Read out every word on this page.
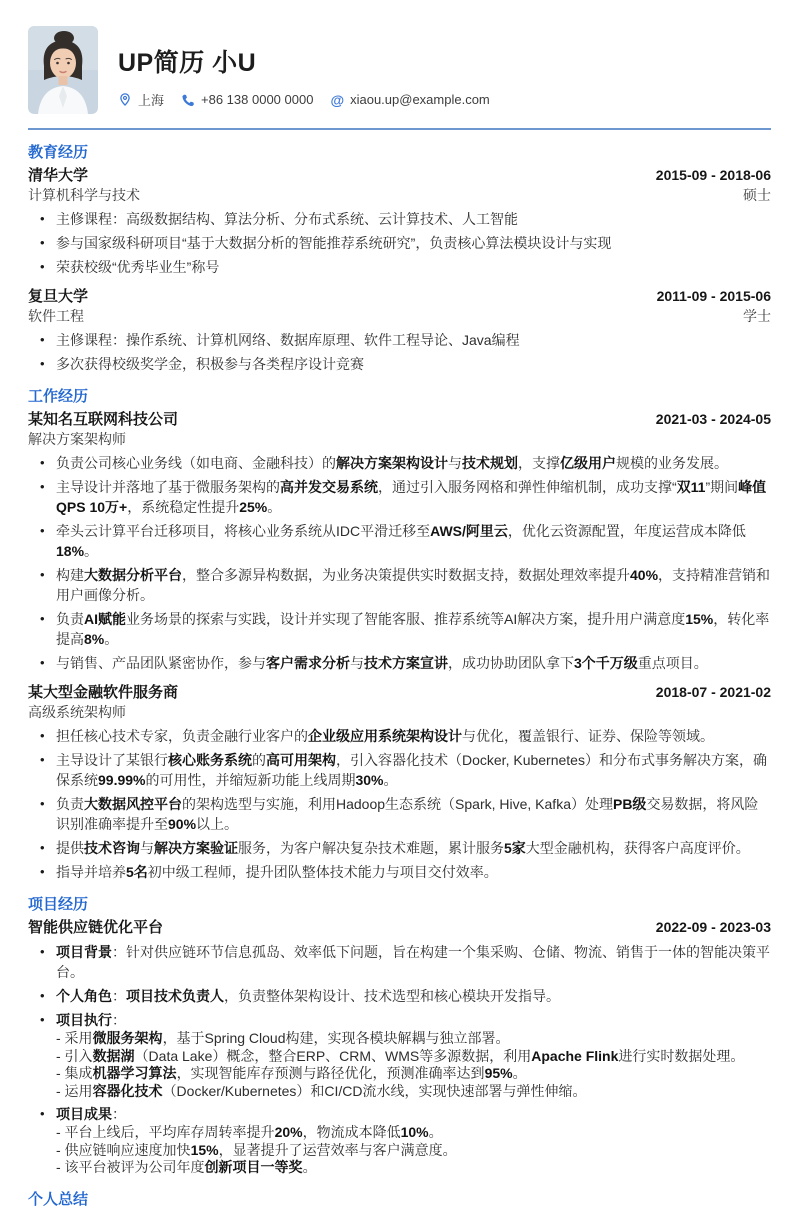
UP简历 小U
上海	+86 138 0000 0000 @ xiaou.up@example.com
教育经历
清华大学	2015-09 - 2018-06
计算机科学与技术	硕士
• 主修课程：高级数据结构、算法分析、分布式系统、云计算技术、人工智能
• 参与国家级科研项目“基于大数据分析的智能推荐系统研究”，负责核心算法模块设计与实现
• 荣获校级“优秀毕业生”称号
复旦大学	2011-09 - 2015-06
软件工程	学士
• 主修课程：操作系统、计算机网络、数据库原理、软件工程导论、Java编程
• 多次获得校级奖学金，积极参与各类程序设计竞赛
工作经历
某知名互联网科技公司	2021-03 - 2024-05
解决方案架构师
• 负责公司核心业务线（如电商、金融科技）的解决方案架构设计与技术规划，支撑亿级用户规模的业务发展。
• 主导设计并落地了基于微服务架构的高并发交易系统，通过引入服务网格和弹性伸缩机制，成功支撑“双11”期间峰值QPS 10万+，系统稳定性提升25%。
• 牵头云计算平台迁移项目，将核心业务系统从IDC平滑迁移至AWS/阿里云，优化云资源配置，年度运营成本降低18%。
• 构建大数据分析平台，整合多源异构数据，为业务决策提供实时数据支持，数据处理效率提升40%，支持精准营销和用户画像分析。
• 负责AI赋能业务场景的探索与实践，设计并实现了智能客服、推荐系统等AI解决方案，提升用户满意度15%，转化率提高8%。
• 与销售、产品团队紧密协作，参与客户需求分析与技术方案宣讲，成功协助团队拿下3个千万级重点项目。
某大型金融软件服务商	2018-07 - 2021-02
高级系统架构师
• 担任核心技术专家，负责金融行业客户的企业级应用系统架构设计与优化，覆盖银行、证券、保险等领域。
• 主导设计了某银行核心账务系统的高可用架构，引入容器化技术（Docker, Kubernetes）和分布式事务解决方案，确保系统99.99%的可用性，并缩短新功能上线周期30%。
• 负责大数据风控平台的架构选型与实施，利用Hadoop生态系统（Spark, Hive, Kafka）处理PB级交易数据，将风险识别准确率提升至90%以上。
• 提供技术咨询与解决方案验证服务，为客户解决复杂技术难题，累计服务5家大型金融机构，获得客户高度评价。
• 指导并培养5名初中级工程师，提升团队整体技术能力与项目交付效率。
项目经历
智能供应链优化平台	2022-09 - 2023-03
• 项目背景：针对供应链环节信息孤岛、效率低下问题，旨在构建一个集采购、仓储、物流、销售于一体的智能决策平台。
• 个人角色：项目技术负责人，负责整体架构设计、技术选型和核心模块开发指导。
• 项目执行：
- 采用微服务架构，基于Spring Cloud构建，实现各模块解耦与独立部署。
- 引入数据湖（Data Lake）概念，整合ERP、CRM、WMS等多源数据，利用Apache Flink进行实时数据处理。
- 集成机器学习算法，实现智能库存预测与路径优化，预测准确率达到95%。
- 运用容器化技术（Docker/Kubernetes）和CI/CD流水线，实现快速部署与弹性伸缩。
• 项目成果：
- 平台上线后，平均库存周转率提升20%，物流成本降低10%。
- 供应链响应速度加快15%，显著提升了运营效率与客户满意度。
- 该平台被评为公司年度创新项目一等奖。
个人总结
